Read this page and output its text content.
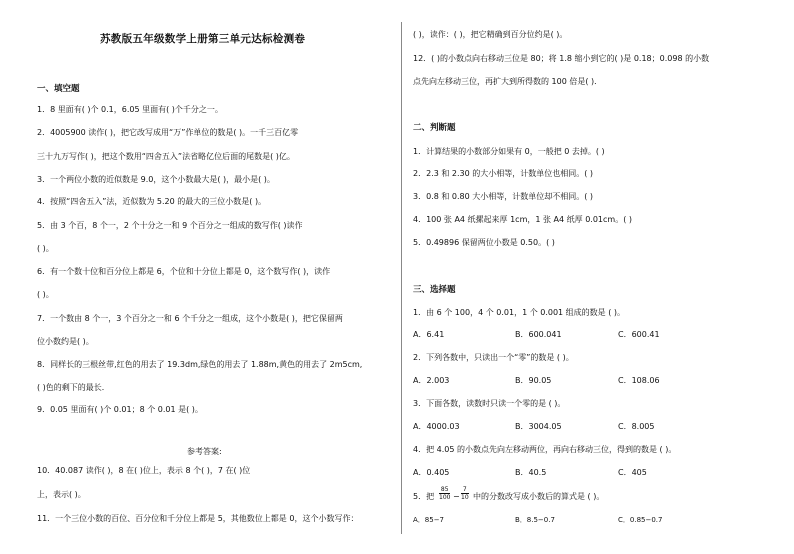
苏教版五年级数学上册第三单元达标检测卷
一、填空题
1．8 里面有( )个 0.1，6.05 里面有( )个千分之一。
2．4005900 读作( )，把它改写成用“万”作单位的数是( )。一千三百亿零
三十九万写作( )，把这个数用“四舍五入”法省略亿位后面的尾数是( )亿。
3．一个两位小数的近似数是 9.0，这个小数最大是( )，最小是( )。
4．按照“四舍五入”法，近似数为 5.20 的最大的三位小数是( )。
5．由 3 个百，8 个一，2 个十分之一和 9 个百分之一组成的数写作( )读作
( )。
6．有一个数十位和百分位上都是 6，个位和十分位上都是 0，这个数写作( )，读作
( )。
7．一个数由 8 个一，3 个百分之一和 6 个千分之一组成，这个小数是( )，把它保留两
位小数约是( )。
8．同样长的三根丝带,红色的用去了 19.3dm,绿色的用去了 1.88m,黄色的用去了 2m5cm,
( )色的剩下的最长．
9．0.05 里面有( )个 0.01；8 个 0.01 是( )。
参考答案:
10．40.087 读作( )，8 在( )位上，表示 8 个( )，7 在( )位
上，表示( )。
11．一个三位小数的百位、百分位和千分位上都是 5，其他数位上都是 0，这个小数写作：
( )，读作：( )，把它精确到百分位约是( )。
12．( )的小数点向右移动三位是 80；将 1.8 缩小到它的( )是 0.18；0.098 的小数
点先向左移动三位，再扩大到所得数的 100 倍是( )．
二、判断题
1．计算结果的小数部分如果有 0，一般把 0 去掉。( )
2．2.3 和 2.30 的大小相等，计数单位也相同。( )
3．0.8 和 0.80 大小相等，计数单位却不相同。( )
4．100 张 A4 纸摞起来厚 1cm，1 张 A4 纸厚 0.01cm。( )
5．0.49896 保留两位小数是 0.50。( )
三、选择题
1．由 6 个 100，4 个 0.01，1 个 0.001 组成的数是 ( )。
A．6.41	B．600.041	C．600.41
2．下列各数中，只读出一个“零”的数是 ( )。
A．2.003	B．90.05	C．108.06
3．下面各数，读数时只读一个零的是 ( )。
A．4000.03	B．3004.05	C．8.005
4．把 4.05 的小数点先向左移动两位，再向右移动三位，得到的数是 ( )。
A．0.405	B．40.5	C．405
5．把 $\frac{85}{100} - \frac{7}{10}$ 中的分数改写成小数后的算式是 ( )。
A．85−7	B．8.5−0.7	C．0.85−0.7
